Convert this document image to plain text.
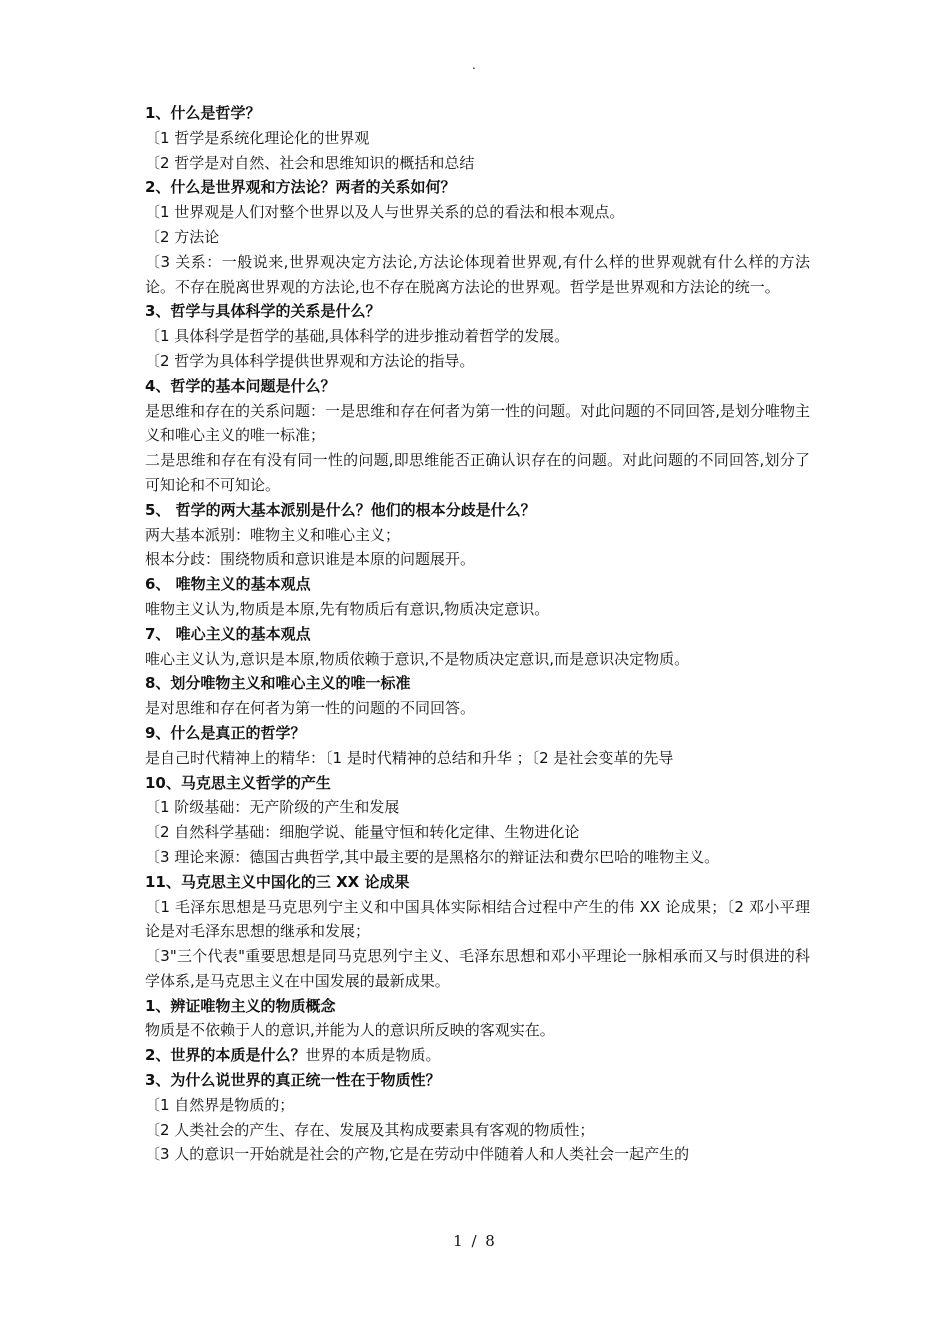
.
1、什么是哲学？
〔1 哲学是系统化理论化的世界观
〔2 哲学是对自然、社会和思维知识的概括和总结
2、什么是世界观和方法论？两者的关系如何？
〔1 世界观是人们对整个世界以及人与世界关系的总的看法和根本观点。
〔2 方法论
〔3 关系：一般说来,世界观决定方法论,方法论体现着世界观,有什么样的世界观就有什么样的方法论。不存在脱离世界观的方法论,也不存在脱离方法论的世界观。哲学是世界观和方法论的统一。
3、哲学与具体科学的关系是什么？
〔1 具体科学是哲学的基础,具体科学的进步推动着哲学的发展。
〔2 哲学为具体科学提供世界观和方法论的指导。
4、哲学的基本问题是什么？
是思维和存在的关系问题：一是思维和存在何者为第一性的问题。对此问题的不同回答,是划分唯物主义和唯心主义的唯一标准；
二是思维和存在有没有同一性的问题,即思维能否正确认识存在的问题。对此问题的不同回答,划分了可知论和不可知论。
5、 哲学的两大基本派别是什么？他们的根本分歧是什么？
两大基本派别：唯物主义和唯心主义；
根本分歧：围绕物质和意识谁是本原的问题展开。
6、 唯物主义的基本观点
唯物主义认为,物质是本原,先有物质后有意识,物质决定意识。
7、 唯心主义的基本观点
唯心主义认为,意识是本原,物质依赖于意识,不是物质决定意识,而是意识决定物质。
8、划分唯物主义和唯心主义的唯一标准
是对思维和存在何者为第一性的问题的不同回答。
9、什么是真正的哲学？
是自己时代精神上的精华：〔1 是时代精神的总结和升华 ；〔2 是社会变革的先导
10、马克思主义哲学的产生
〔1 阶级基础：无产阶级的产生和发展
〔2 自然科学基础：细胞学说、能量守恒和转化定律、生物进化论
〔3 理论来源：德国古典哲学,其中最主要的是黑格尔的辩证法和费尔巴哈的唯物主义。
11、马克思主义中国化的三 XX 论成果
〔1 毛泽东思想是马克思列宁主义和中国具体实际相结合过程中产生的伟 XX 论成果；〔2 邓小平理论是对毛泽东思想的继承和发展；
〔3"三个代表"重要思想是同马克思列宁主义、毛泽东思想和邓小平理论一脉相承而又与时俱进的科学体系,是马克思主义在中国发展的最新成果。
1、辨证唯物主义的物质概念
物质是不依赖于人的意识,并能为人的意识所反映的客观实在。
2、世界的本质是什么？世界的本质是物质。
3、为什么说世界的真正统一性在于物质性？
〔1 自然界是物质的；
〔2 人类社会的产生、存在、发展及其构成要素具有客观的物质性；
〔3 人的意识一开始就是社会的产物,它是在劳动中伴随着人和人类社会一起产生的
1 / 8
